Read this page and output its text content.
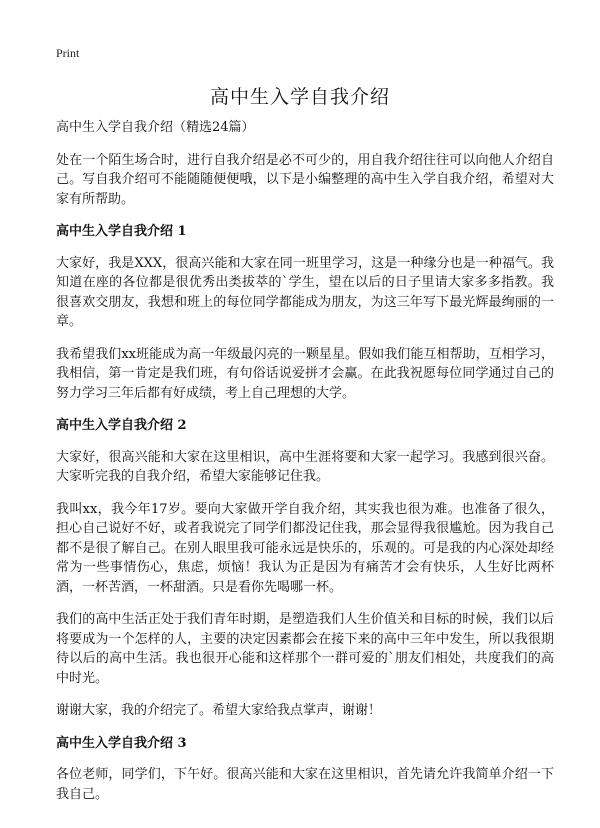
Print
高中生入学自我介绍

高中生入学自我介绍（精选24篇）

处在一个陌生场合时，进行自我介绍是必不可少的，用自我介绍往往可以向他人介绍自己。写自我介绍可不能随随便便哦，以下是小编整理的高中生入学自我介绍，希望对大家有所帮助。

高中生入学自我介绍 1

大家好，我是XXX，很高兴能和大家在同一班里学习，这是一种缘分也是一种福气。我知道在座的各位都是很优秀出类拔萃的`学生，望在以后的日子里请大家多多指教。我很喜欢交朋友，我想和班上的每位同学都能成为朋友，为这三年写下最光辉最绚丽的一章。

我希望我们xx班能成为高一年级最闪亮的一颗星星。假如我们能互相帮助，互相学习，我相信，第一肯定是我们班，有句俗话说爱拼才会赢。在此我祝愿每位同学通过自己的努力学习三年后都有好成绩，考上自己理想的大学。

高中生入学自我介绍 2

大家好，很高兴能和大家在这里相识，高中生涯将要和大家一起学习。我感到很兴奋。大家听完我的自我介绍，希望大家能够记住我。

我叫xx，我今年17岁。要向大家做开学自我介绍，其实我也很为难。也准备了很久，担心自己说好不好，或者我说完了同学们都没记住我，那会显得我很尴尬。因为我自己都不是很了解自己。在别人眼里我可能永远是快乐的，乐观的。可是我的内心深处却经常为一些事情伤心，焦虑，烦恼！我认为正是因为有痛苦才会有快乐，人生好比两杯酒，一杯苦酒，一杯甜酒。只是看你先喝哪一杯。

我们的高中生活正处于我们青年时期，是塑造我们人生价值关和目标的时候，我们以后将要成为一个怎样的人，主要的决定因素都会在接下来的高中三年中发生，所以我很期待以后的高中生活。我也很开心能和这样那个一群可爱的`朋友们相处，共度我们的高中时光。

谢谢大家，我的介绍完了。希望大家给我点掌声，谢谢！

高中生入学自我介绍 3

各位老师，同学们，下午好。很高兴能和大家在这里相识，首先请允许我简单介绍一下我自己。
